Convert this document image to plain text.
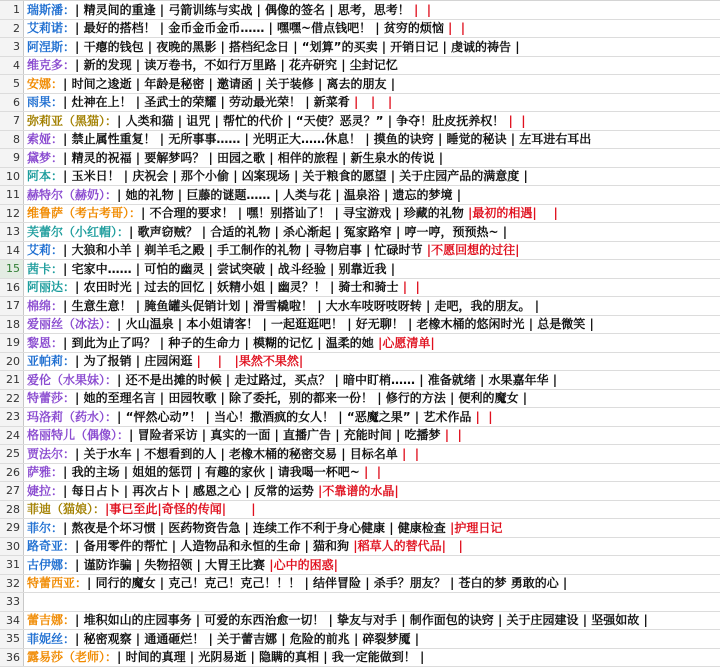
1 瑞斯潘：| 精灵间的重逢 | 弓箭训练与实战 | 偶像的签名 | 思考，思考！ |  |
2 艾莉诺：| 最好的搭档！ | 金币金币金币…… | 嘿嘿~借点钱吧！ | 贫穷的烦恼 |  |
3 阿涅斯：| 干瘪的钱包 | 夜晚的黑影 | 搭档纪念日 | “划算”的买卖 | 开销日记 | 虔诚的祷告 |
4 维克多：| 新的发现 | 读万卷书，不如行万里路 | 花卉研究 | 尘封记忆
5 安娜：| 时间之逡逝 | 年龄是秘密 | 邀请函 | 关于装修 | 离去的朋友 |
6 雨果：| 灶神在上！ | 圣武士的荣耀 | 劳动最光荣！ | 新菜肴 |   |   |
7 弥莉亚（黑猫）：| 人类和猫 | 诅咒 | 帮忙的代价 | “天使？恶灵？” | 争夺！肚皮抚养权！ |  |
8 索娅：| 禁止属性重复！ | 无所事事…… | 光明正大……休息！ | 摸鱼的诀窍 | 睡觉的秘诀 | 左耳进右耳出
9 黛梦：| 精灵的祝福 | 要解梦吗？ | 田园之歌 | 相伴的旅程 | 新生泉水的传说 |
10 阿本：| 玉米日！ | 庆祝会 | 那个小偷 | 凶案现场 | 关于粮食的愿望 | 关于庄园产品的满意度 |
11 赫特尔（赫奶）：| 她的礼物 | 巨藤的谜题…… | 人类与花 | 温泉浴 | 遗忘的梦境 |
12 维鲁萨（考古考哥）：| 不合理的要求！ | 嘿！别搭讪了！ | 寻宝游戏 | 珍藏的礼物 |最初的相遇|    |
13 芙蕾尔（小红帽）：| 歌声窃贼？ | 合适的礼物 | 杀心渐起 | 冤家路窄 | 哼一哼，预预热~ |
14 艾莉：| 大狼和小羊 | 剃羊毛之殿 | 手工制作的礼物 | 寻物启事 | 忙碌时节 |不愿回想的过往|
15 茜卡：| 宅家中…… | 可怕的幽灵 | 尝试突破 | 战斗经验 | 别靠近我 |
16 阿丽达：| 农田时光 | 过去的回忆 | 妖精小姐 | 幽灵？！ | 骑士和骑士 |  |
17 棉绵：| 生意生意！ | 腌鱼罐头促销计划 | 滑雪橇啦！ | 大水车吱呀吱呀转 | 走吧，我的朋友。 |
18 爱丽丝（冰法）：| 火山温泉 | 本小姐请客！ | 一起逛逛吧！ | 好无聊！ | 老橡木桶的悠闲时光 | 总是微笑 |
19 黎恩：| 到此为止了吗？ | 种子的生命力 | 模糊的记忆 | 温柔的她 |心愿清单|
20 亚帕莉：| 为了报销 | 庄园闲逛 |    |   |果然不果然|
21 爱伦（水果妹）：| 还不是出摊的时候 | 走过路过，买点？ | 暗中盯梢…… | 准备就绪 | 水果嘉年华 |
22 特蕾莎：| 她的至理名言 | 田园牧歌 | 除了委托，别的都来一份！ | 修行的方法 | 便利的魔女 |
23 玛洛莉（药水）：| “怦然心动”！ | 当心！撒酒疯的女人！ | “恶魔之果” | 艺术作品 |  |
24 格丽特儿（偶像）：| 冒险者采访 | 真实的一面 | 直播广告 | 充能时间 | 吃播梦 |  |
25 贾法尔：| 关于水车 | 不想看到的人 | 老橡木桶的秘密交易 | 目标名单 |  |
26 萨雅：| 我的主场 | 姐姐的惩罚 | 有趣的家伙 | 请我喝一杯吧~ |  |
27 婕拉：| 每日占卜 | 再次占卜 | 感恩之心 | 反常的运势 |不靠谱的水晶|
28 菲迪（猫娘）：|事已至此|奇怪的传闻|      |
29 菲尔：| 熬夜是个坏习惯 | 医药物资告急 | 连续工作不利于身心健康 | 健康检查 |护理日记
30 路奇亚：| 备用零件的帮忙 | 人造物品和永恒的生命 | 猫和狗 |稻草人的替代品|   |
31 古伊娜：| 谨防诈骗 | 失物招领 | 大胃王比赛 |心中的困惑|
32 特蕾西亚：| 同行的魔女 | 克己！克己！克己！！！ | 结伴冒险 | 杀手？朋友？ | 苍白的梦 勇敢的心 |
33
34 蕾吉娜：| 堆积如山的庄园事务 | 可爱的东西治愈一切！ | 挚友与对手 | 制作面包的诀窍 | 关于庄园建设 | 坚强如故 |
35 菲妮丝：| 秘密观察 | 通通砸烂！ | 关于蕾吉娜 | 危险的前兆 | 碎裂梦魇 |
36 露易莎（老师）：| 时间的真理 | 光阴易逝 | 隐瞒的真相 | 我一定能做到！ |
